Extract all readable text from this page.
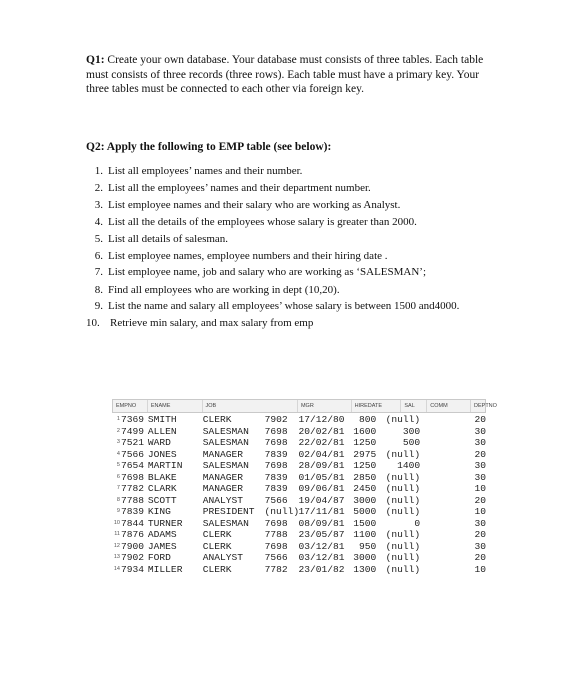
Q1: Create your own database. Your database must consists of three tables. Each table must consists of three records (three rows). Each table must have a primary key. Your three tables must be connected to each other via foreign key.
Q2: Apply the following to EMP table (see below):
1. List all employees’ names and their number.
2. List all the employees’ names and their department number.
3. List employee names and their salary who are working as Analyst.
4. List all the details of the employees whose salary is greater than 2000.
5. List all details of salesman.
6. List employee names, employee numbers and their hiring date .
7. List employee name, job and salary who are working as ‘SALESMAN’;
8. Find all employees who are working in dept (10,20).
9. List the name and salary all employees’ whose salary is between 1500 and4000.
10. Retrieve min salary, and max salary from emp
EMPNO	ENAME	JOB	MGR	HIREDATE	SAL	COMM	DEPTNO
1 7369 SMITH	CLERK	7902	17/12/80	800 (null)	20
2 7499 ALLEN	SALESMAN	7698	20/02/81 1600	300	30
3 7521 WARD	SALESMAN	7698	22/02/81 1250	500	30
4 7566 JONES	MANAGER	7839	02/04/81 2975 (null)	20
5 7654 MARTIN	SALESMAN	7698	28/09/81 1250	1400	30
6 7698 BLAKE	MANAGER	7839	01/05/81 2850 (null)	30
7 7782 CLARK	MANAGER	7839	09/06/81 2450 (null)	10
8 7788 SCOTT	ANALYST	7566	19/04/87 3000 (null)	20
9 7839 KING	PRESIDENT	(null) 17/11/81 5000 (null)	10
10 7844 TURNER	SALESMAN	7698	08/09/81 1500	0	30
11 7876 ADAMS	CLERK	7788	23/05/87 1100 (null)	20
12 7900 JAMES	CLERK	7698	03/12/81	950 (null)	30
13 7902 FORD	ANALYST	7566	03/12/81 3000 (null)	20
14 7934 MILLER	CLERK	7782	23/01/82 1300 (null)	10
